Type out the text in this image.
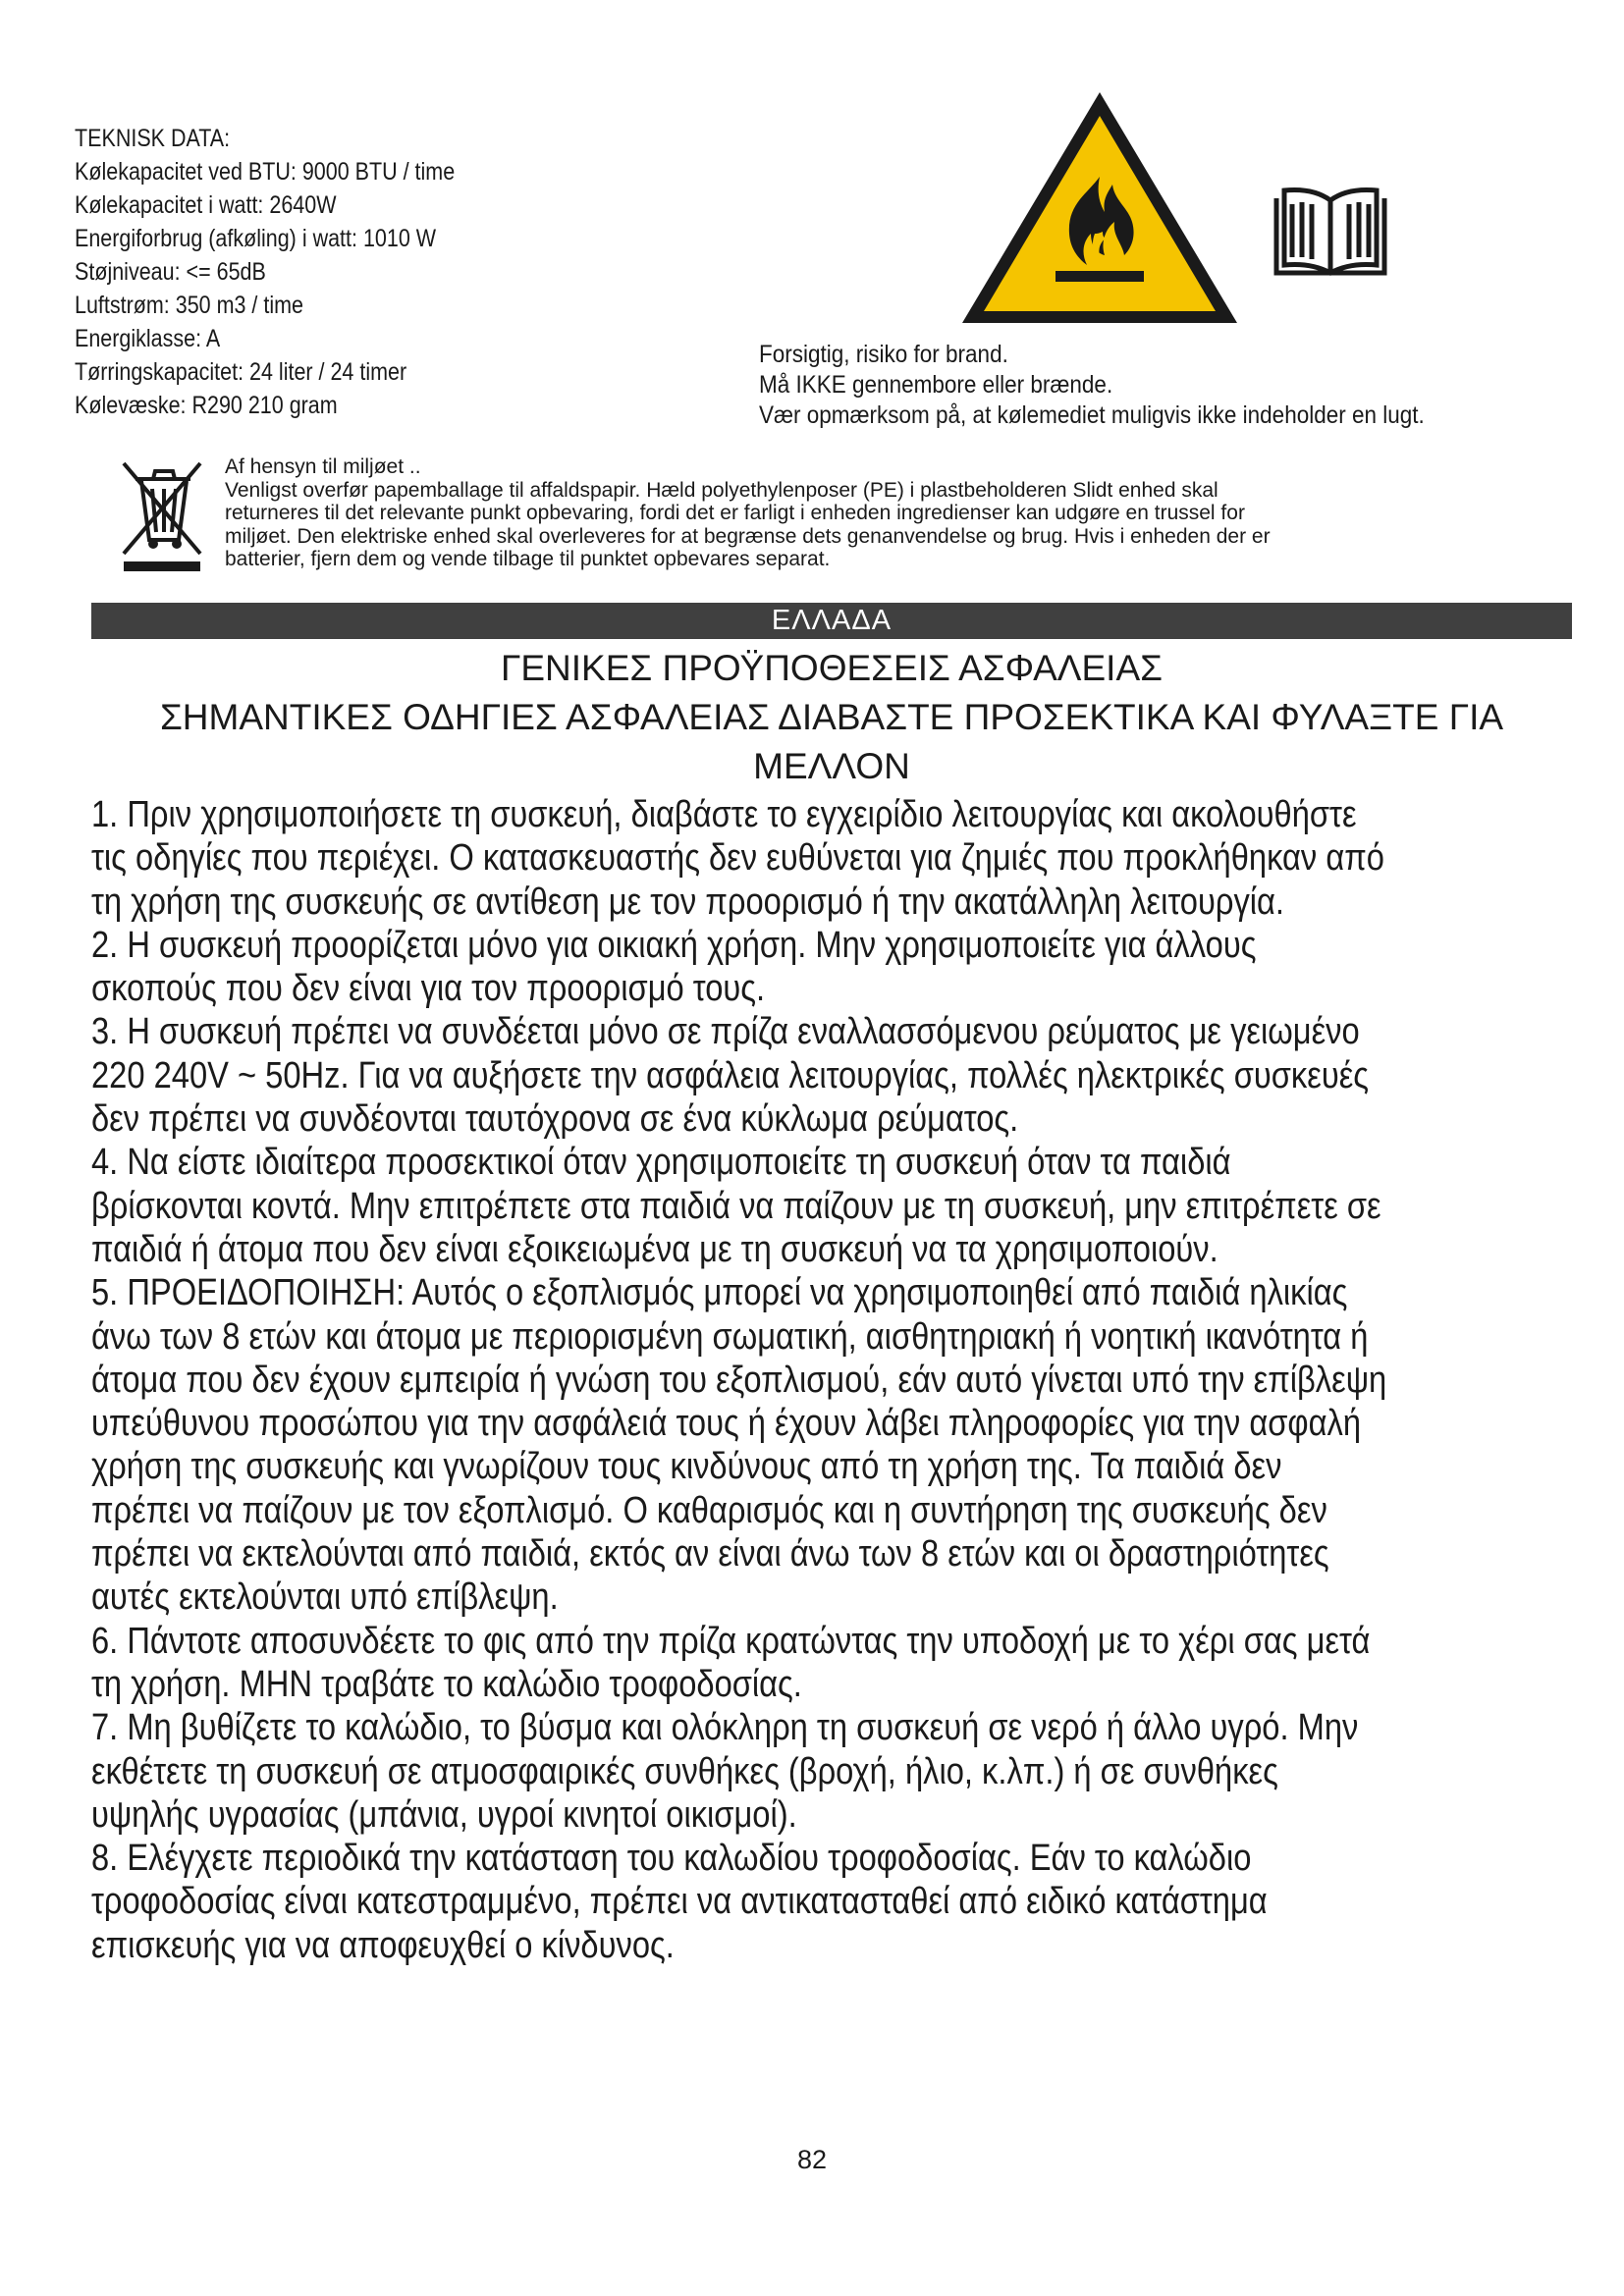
TEKNISK DATA:
Kølekapacitet ved BTU: 9000 BTU / time
Kølekapacitet i watt: 2640W
Energiforbrug (afkøling) i watt: 1010 W
Støjniveau: <= 65dB
Luftstrøm: 350 m3 / time
Energiklasse: A
Tørringskapacitet: 24 liter / 24 timer
Kølevæske: R290 210 gram
Forsigtig, risiko for brand.
Må IKKE gennembore eller brænde.
Vær opmærksom på, at kølemediet muligvis ikke indeholder en lugt.
Af hensyn til miljøet ..
Venligst overfør papemballage til affaldspapir. Hæld polyethylenposer (PE) i plastbeholderen Slidt enhed skal
returneres til det relevante punkt opbevaring, fordi det er farligt i enheden ingredienser kan udgøre en trussel for
miljøet. Den elektriske enhed skal overleveres for at begrænse dets genanvendelse og brug. Hvis i enheden der er
batterier, fjern dem og vende tilbage til punktet opbevares separat.
ΕΛΛΑΔΑ
ΓΕΝΙΚΕΣ ΠΡΟΫΠΟΘΕΣΕΙΣ ΑΣΦΑΛΕΙΑΣ
ΣΗΜΑΝΤΙΚΕΣ ΟΔΗΓΙΕΣ ΑΣΦΑΛΕΙΑΣ ΔΙΑΒΑΣΤΕ ΠΡΟΣΕΚΤΙΚΑ ΚΑΙ ΦΥΛΑΞΤΕ ΓΙΑ
ΜΕΛΛΟΝ
1. Πριν χρησιμοποιήσετε τη συσκευή, διαβάστε το εγχειρίδιο λειτουργίας και ακολουθήστε
τις οδηγίες που περιέχει. Ο κατασκευαστής δεν ευθύνεται για ζημιές που προκλήθηκαν από
τη χρήση της συσκευής σε αντίθεση με τον προορισμό ή την ακατάλληλη λειτουργία.
2. Η συσκευή προορίζεται μόνο για οικιακή χρήση. Μην χρησιμοποιείτε για άλλους
σκοπούς που δεν είναι για τον προορισμό τους.
3. Η συσκευή πρέπει να συνδέεται μόνο σε πρίζα εναλλασσόμενου ρεύματος με γειωμένο
220 240V ~ 50Hz. Για να αυξήσετε την ασφάλεια λειτουργίας, πολλές ηλεκτρικές συσκευές
δεν πρέπει να συνδέονται ταυτόχρονα σε ένα κύκλωμα ρεύματος.
4. Να είστε ιδιαίτερα προσεκτικοί όταν χρησιμοποιείτε τη συσκευή όταν τα παιδιά
βρίσκονται κοντά. Μην επιτρέπετε στα παιδιά να παίζουν με τη συσκευή, μην επιτρέπετε σε
παιδιά ή άτομα που δεν είναι εξοικειωμένα με τη συσκευή να τα χρησιμοποιούν.
5. ΠΡΟΕΙΔΟΠΟΙΗΣΗ: Αυτός ο εξοπλισμός μπορεί να χρησιμοποιηθεί από παιδιά ηλικίας
άνω των 8 ετών και άτομα με περιορισμένη σωματική, αισθητηριακή ή νοητική ικανότητα ή
άτομα που δεν έχουν εμπειρία ή γνώση του εξοπλισμού, εάν αυτό γίνεται υπό την επίβλεψη
υπεύθυνου προσώπου για την ασφάλειά τους ή έχουν λάβει πληροφορίες για την ασφαλή
χρήση της συσκευής και γνωρίζουν τους κινδύνους από τη χρήση της. Τα παιδιά δεν
πρέπει να παίζουν με τον εξοπλισμό. Ο καθαρισμός και η συντήρηση της συσκευής δεν
πρέπει να εκτελούνται από παιδιά, εκτός αν είναι άνω των 8 ετών και οι δραστηριότητες
αυτές εκτελούνται υπό επίβλεψη.
6. Πάντοτε αποσυνδέετε το φις από την πρίζα κρατώντας την υποδοχή με το χέρι σας μετά
τη χρήση. ΜΗΝ τραβάτε το καλώδιο τροφοδοσίας.
7. Μη βυθίζετε το καλώδιο, το βύσμα και ολόκληρη τη συσκευή σε νερό ή άλλο υγρό. Μην
εκθέτετε τη συσκευή σε ατμοσφαιρικές συνθήκες (βροχή, ήλιο, κ.λπ.) ή σε συνθήκες
υψηλής υγρασίας (μπάνια, υγροί κινητοί οικισμοί).
8. Ελέγχετε περιοδικά την κατάσταση του καλωδίου τροφοδοσίας. Εάν το καλώδιο
τροφοδοσίας είναι κατεστραμμένο, πρέπει να αντικατασταθεί από ειδικό κατάστημα
επισκευής για να αποφευχθεί ο κίνδυνος.
82
